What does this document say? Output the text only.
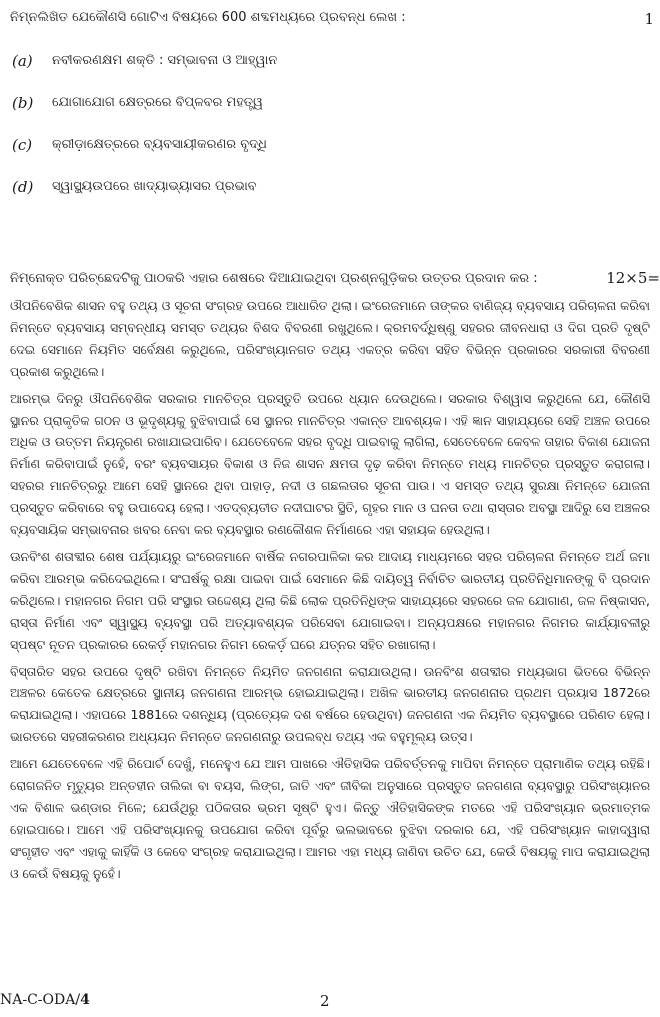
1
ନିମ୍ନଲିଖିତ ଯେକୌଣସି ଗୋଟିଏ ବିଷୟରେ 600 ଶବ୍ଦମଧ୍ୟରେ ପ୍ରବନ୍ଧ ଲେଖ :
(a) ନବୀକରଣକ୍ଷମ ଶକ୍ତି : ସମ୍ଭାବନା ଓ ଆହ୍ୱାନ
(b) ଯୋଗାଯୋଗ କ୍ଷେତ୍ରରେ ବିପ୍ଳବର ମହତ୍ତ୍ୱ
(c) କ୍ରୀଡ଼ାକ୍ଷେତ୍ରରେ ବ୍ୟବସାୟୀକରଣର ବୃଦ୍ଧି
(d) ସ୍ୱାସ୍ଥ୍ୟଉପରେ ଖାଦ୍ୟାଭ୍ୟାସର ପ୍ରଭାବ
ନିମ୍ନୋକ୍ତ ପରିଚ୍ଛେଦଟିକୁ ପାଠକରି ଏହାର ଶେଷରେ ଦିଆଯାଇଥିବା ପ୍ରଶ୍ନଗୁଡ଼ିକର ଉତ୍ତର ପ୍ରଦାନ କର :	12×5=

ଔପନିବେଶିକ ଶାସନ ବହୁ ତଥ୍ୟ ଓ ସୂଚନା ସଂଗ୍ରହ ଉପରେ ଆଧାରିତ ଥିଲା। ଇଂରେଜମାନେ ତାଙ୍କର ବାଣିଜ୍ୟ ବ୍ୟବସାୟ ପରିଚାଳନା କରିବା ନିମନ୍ତେ ବ୍ୟବସାୟ ସମ୍ବନ୍ଧୀୟ ସମସ୍ତ ତଥ୍ୟର ବିଶଦ ବିବରଣୀ ରଖୁଥିଲେ। କ୍ରମବର୍ଦ୍ଧିଷ୍ଣୁ ସହରର ଜୀବନଧାରା ଓ ଦିଗ ପ୍ରତି ଦୃଷ୍ଟି ଦେଇ ସେମାନେ ନିୟମିତ ସର୍ବେକ୍ଷଣ କରୁଥିଲେ, ପରିସଂଖ୍ୟାନଗତ ତଥ୍ୟ ଏକତ୍ର କରିବା ସହିତ ବିଭିନ୍ନ ପ୍ରକାରର ସରକାରୀ ବିବରଣୀ ପ୍ରକାଶ କରୁଥିଲେ।

ଆରମ୍ଭ ଦିନରୁ ଔପନିବେଶିକ ସରକାର ମାନଚିତ୍ର ପ୍ରସ୍ତୁତି ଉପରେ ଧ୍ୟାନ ଦେଉଥିଲେ। ସରକାର ବିଶ୍ୱାସ କରୁଥିଲେ ଯେ, କୌଣସି ସ୍ଥାନର ପ୍ରାକୃତିକ ଗଠନ ଓ ଭୂଦୃଶ୍ୟକୁ ବୁଝିବାପାଇଁ ସେ ସ୍ଥାନର ମାନଚିତ୍ର ଏକାନ୍ତ ଆବଶ୍ୟକ। ଏହି ଜ୍ଞାନ ସାହାଯ୍ୟରେ ସେହି ଅଞ୍ଚଳ ଉପରେ ଅଧିକ ଓ ଉତ୍ତମ ନିୟନ୍ତ୍ରଣ ରଖାଯାଇପାରିବ। ଯେତେବେଳେ ସହର ବୃଦ୍ଧି ପାଇବାକୁ ଲାଗିଲା, ସେତେବେଳେ କେବଳ ତାହାର ବିକାଶ ଯୋଜନା ନିର୍ମାଣ କରିବାପାଇଁ ନୁହେଁ, ବରଂ ବ୍ୟବସାୟର ବିକାଶ ଓ ନିଜ ଶାସନ କ୍ଷମତା ଦୃଢ଼ କରିବା ନିମନ୍ତେ ମଧ୍ୟ ମାନଚିତ୍ର ପ୍ରସ୍ତୁତ କରାଗଲା। ସହରର ମାନଚିତ୍ରରୁ ଆମେ ସେହି ସ୍ଥାନରେ ଥିବା ପାହାଡ଼, ନଦୀ ଓ ଗଛଲତାର ସୂଚନା ପାଉ। ଏ ସମସ୍ତ ତଥ୍ୟ ସୁରକ୍ଷା ନିମନ୍ତେ ଯୋଜନା ପ୍ରସ୍ତୁତ କରିବାରେ ବହୁ ଉପାଦେୟ ହେଲା। ଏତଦ୍‌ବ୍ୟତୀତ ନଦୀଘାଟର ସ୍ଥିତି, ଗୃହର ମାନ ଓ ଘନତା ତଥା ରାସ୍ତାର ଅବସ୍ଥା ଆଦିରୁ ସେ ଅଞ୍ଚଳର ବ୍ୟବସାୟିକ ସମ୍ଭାବନାର ଖବର ନେବା କର ବ୍ୟବସ୍ଥାର ରଣକୌଶଳ ନିର୍ମାଣରେ ଏହା ସହାୟକ ହେଉଥିଲା।

ଊନବିଂଶ ଶତାବ୍ଦୀର ଶେଷ ପର୍ଯ୍ୟାୟରୁ ଇଂରେଜମାନେ ବାର୍ଷିକ ନଗରପାଳିକା କର ଆଦାୟ ମାଧ୍ୟମରେ ସହର ପରିଚାଳନା ନିମନ୍ତେ ଅର୍ଥ ଜମା କରିବା ଆରମ୍ଭ କରିଦେଇଥିଲେ। ସଂଘର୍ଷକୁ ରକ୍ଷା ପାଇବା ପାଇଁ ସେମାନେ କିଛି ଦାୟିତ୍ୱ ନିର୍ବାଚିତ ଭାରତୀୟ ପ୍ରତିନିଧିମାନଙ୍କୁ ବି ପ୍ରଦାନ କରିଥିଲେ। ମହାନଗର ନିଗମ ପରି ସଂସ୍ଥାର ଉଦ୍ଦେଶ୍ୟ ଥିଲା କିଛି ଲୋକ ପ୍ରତିନିଧିଙ୍କ ସାହାଯ୍ୟରେ ସହରରେ ଜଳ ଯୋଗାଣ, ଜଳ ନିଷ୍କାସନ, ରାସ୍ତା ନିର୍ମାଣ ଏବଂ ସ୍ୱାସ୍ଥ୍ୟ ବ୍ୟବସ୍ଥା ପରି ଅତ୍ୟାବଶ୍ୟକ ପରିସେବା ଯୋଗାଇବା। ଅନ୍ୟପକ୍ଷରେ ମହାନଗର ନିଗମର କାର୍ଯ୍ୟାବଳୀରୁ ସ୍ପଷ୍ଟ ନୂତନ ପ୍ରକାରର ରେକର୍ଡ଼ ମହାନଗର ନିଗମ ରେକର୍ଡ଼ ଘରେ ଯତ୍ନର ସହିତ ରଖାଗଲା।

ବିସ୍ତାରିତ ସହର ଉପରେ ଦୃଷ୍ଟି ରଖିବା ନିମନ୍ତେ ନିୟମିତ ଜନଗଣନା କରାଯାଉଥିଲା। ଊନବିଂଶ ଶତାବ୍ଦୀର ମଧ୍ୟଭାଗ ଭିତରେ ବିଭିନ୍ନ ଅଞ୍ଚଳର କେତେକ କ୍ଷେତ୍ରରେ ସ୍ଥାନୀୟ ଜନଗଣନା ଆରମ୍ଭ ହୋଇଯାଇଥିଲା। ଅଖିଳ ଭାରତୀୟ ଜନଗଣନାର ପ୍ରଥମ ପ୍ରୟାସ 1872ରେ କରାଯାଇଥିଲା। ଏହାପରେ 1881ରେ ଦଶନ୍ଧିୟ (ପ୍ରତ୍ୟେକ ଦଶ ବର୍ଷରେ ହେଉଥିବା) ଜନଗଣନା ଏକ ନିୟମିତ ବ୍ୟବସ୍ଥାରେ ପରିଣତ ହେଲା। ଭାରତରେ ସହରୀକରଣର ଅଧ୍ୟୟନ ନିମନ୍ତେ ଜନଗଣନାରୁ ଉପଲବ୍ଧ ତଥ୍ୟ ଏକ ବହୁମୂଲ୍ୟ ଉତ୍ସ।

ଆମେ ଯେତେବେଳେ ଏହି ରିପୋର୍ଟ ଦେଖୁଁ, ମନେହୁଏ ଯେ ଆମ ପାଖରେ ଐତିହାସିକ ପରିବର୍ତ୍ତନକୁ ମାପିବା ନିମନ୍ତେ ପ୍ରାମାଣିକ ତଥ୍ୟ ରହିଛି। ରୋଗଜନିତ ମୃତ୍ୟୁର ଅନ୍ତହୀନ ତାଲିକା ବା ବୟସ, ଲିଙ୍ଗ, ଜାତି ଏବଂ ଜୀବିକା ଅନୁସାରେ ପ୍ରସ୍ତୁତ ଜନଗଣନା ବ୍ୟବସ୍ଥାରୁ ପରିସଂଖ୍ୟାନର ଏକ ବିଶାଳ ଭଣ୍ଡାର ମିଳେ; ଯେଉଁଥିରୁ ପଠିକତାର ଭ୍ରମ ସୃଷ୍ଟି ହୁଏ। କିନ୍ତୁ ଐତିହାସିକଙ୍କ ମତରେ ଏହି ପରିସଂଖ୍ୟାନ ଭ୍ରମାତ୍ମକ ହୋଇପାରେ। ଆମେ ଏହି ପରିସଂଖ୍ୟାନକୁ ଉପଯୋଗ କରିବା ପୂର୍ବରୁ ଭଲଭାବରେ ବୁଝିବା ଦରକାର ଯେ, ଏହି ପରିସଂଖ୍ୟାନ କାହାଦ୍ୱାରା ସଂଗୃହୀତ ଏବଂ ଏହାକୁ କାହିଁକି ଓ କେବେ ସଂଗ୍ରହ କରାଯାଇଥିଲା। ଆମର ଏହା ମଧ୍ୟ ଜାଣିବା ଉଚିତ ଯେ, କେଉଁ ବିଷୟକୁ ମାପ କରାଯାଇଥିଲା ଓ କେଉଁ ବିଷୟକୁ ନୁହେଁ।

NA-C-ODA/4	2
